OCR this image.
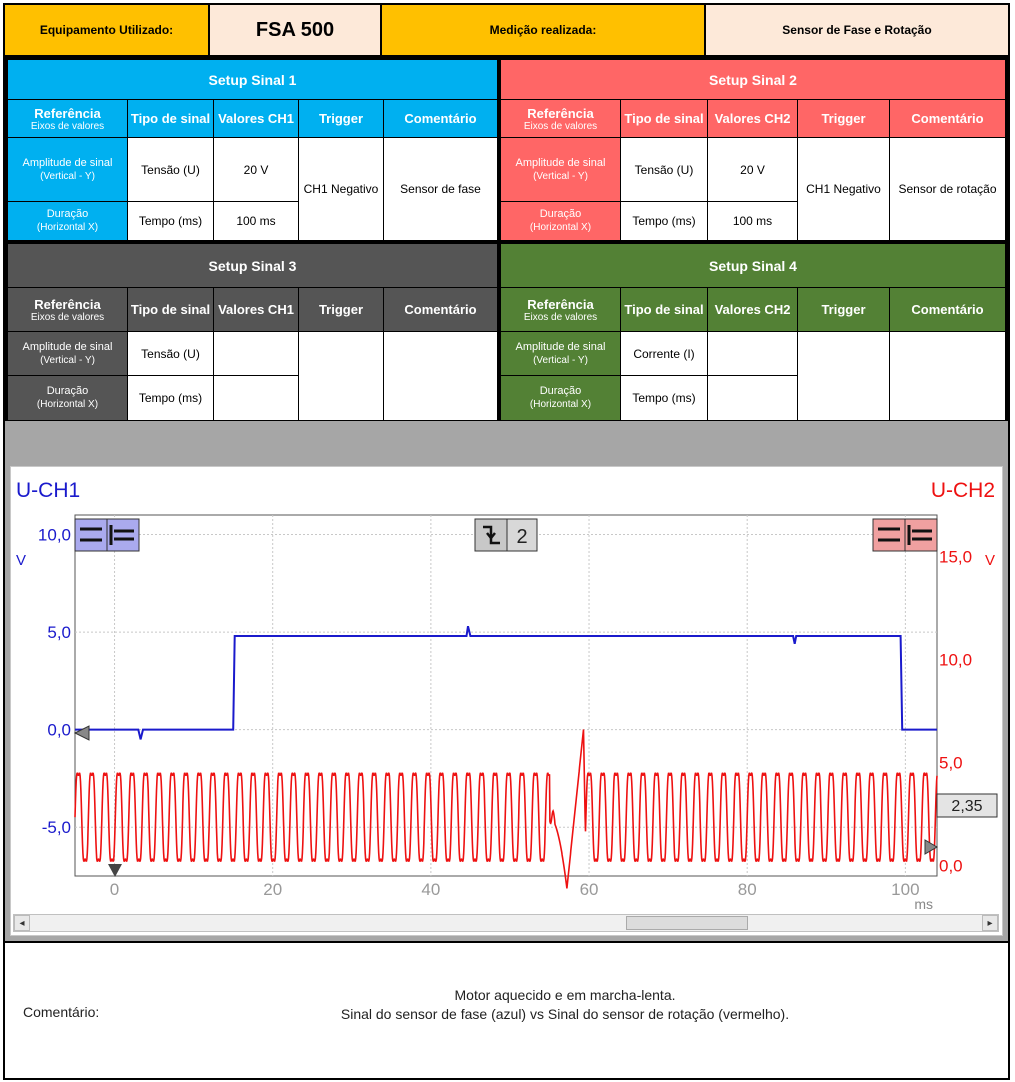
Equipamento Utilizado:	FSA 500	Medição realizada:	Sensor de Fase e Rotação
Setup Sinal 1				
Referência
Eixos de valores	Tipo de sinal	Valores CH1	Trigger	Comentário
Amplitude de sinal
(Vertical - Y)	Tensão (U)	20 V	CH1 Negativo	Sensor de fase
Duração
(Horizontal X)	Tempo (ms)	100 ms		
Setup Sinal 2				
Referência
Eixos de valores	Tipo de sinal	Valores CH2	Trigger	Comentário
Amplitude de sinal
(Vertical - Y)	Tensão (U)	20 V	CH1 Negativo	Sensor de rotação
Duração
(Horizontal X)	Tempo (ms)	100 ms		
Setup Sinal 3				
Referência
Eixos de valores	Tipo de sinal	Valores CH1	Trigger	Comentário
Amplitude de sinal
(Vertical - Y)	Tensão (U)			
Duração
(Horizontal X)	Tempo (ms)			
Setup Sinal 4				
Referência
Eixos de valores	Tipo de sinal	Valores CH2	Trigger	Comentário
Amplitude de sinal
(Vertical - Y)	Corrente (I)			
Duração
(Horizontal X)	Tempo (ms)			
U-CH1	U-CH2
V	V
ms
2
10,0
5,0
0,0
-5,0
15,0
10,0
5,0
0,0
0	20	40	60	80	100
2,35
◂	▸
Comentário:
Motor aquecido e em marcha-lenta.
Sinal do sensor de fase (azul) vs Sinal do sensor de rotação (vermelho).
